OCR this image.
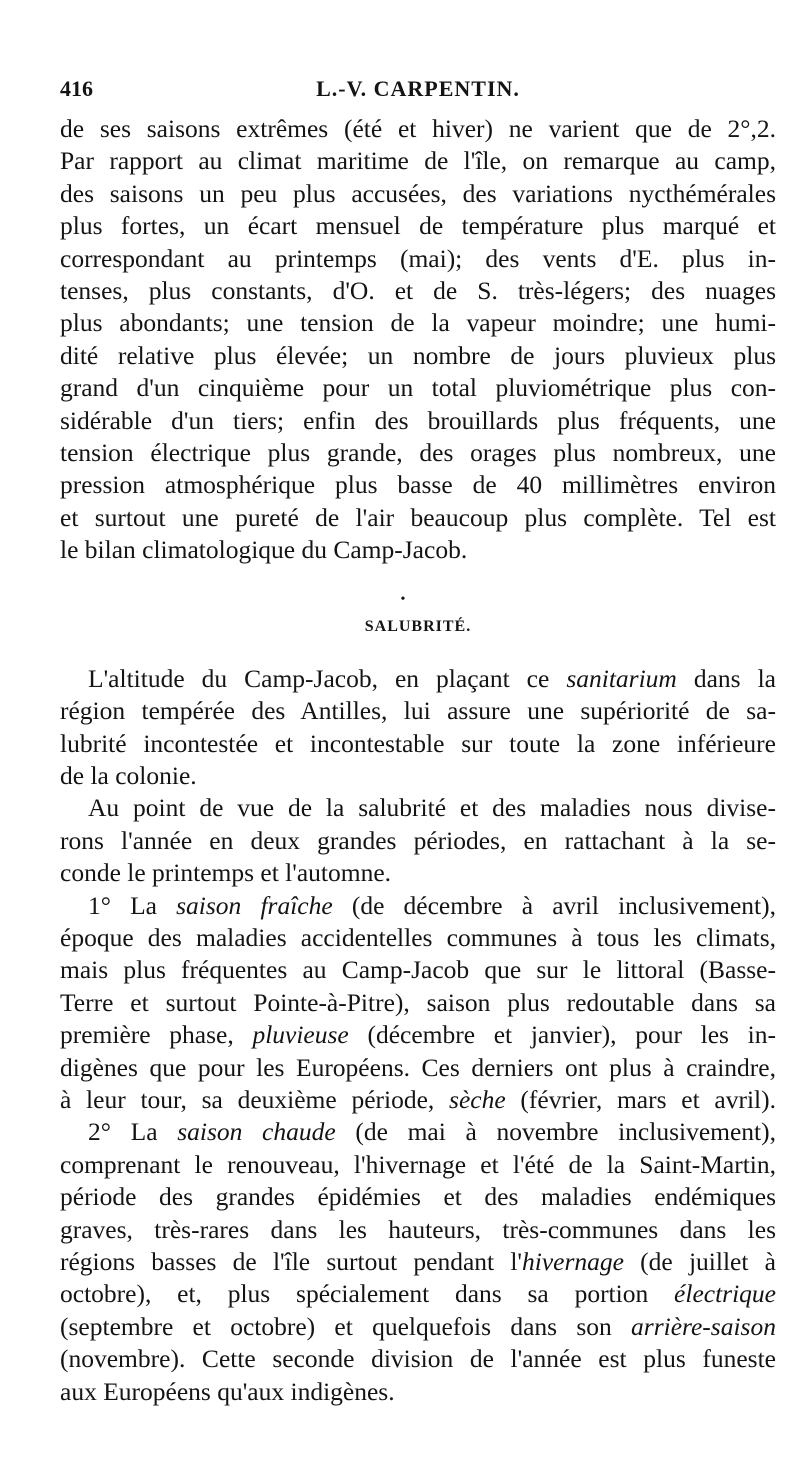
416	L.-V. CARPENTIN.
de ses saisons extrêmes (été et hiver) ne varient que de 2°,2.
Par rapport au climat maritime de l'île, on remarque au camp,
des saisons un peu plus accusées, des variations nycthémérales
plus fortes, un écart mensuel de température plus marqué et
correspondant au printemps (mai); des vents d'E. plus in-
tenses, plus constants, d'O. et de S. très-légers; des nuages
plus abondants; une tension de la vapeur moindre; une humi-
dité relative plus élevée; un nombre de jours pluvieux plus
grand d'un cinquième pour un total pluviométrique plus con-
sidérable d'un tiers; enfin des brouillards plus fréquents, une
tension électrique plus grande, des orages plus nombreux, une
pression atmosphérique plus basse de 40 millimètres environ
et surtout une pureté de l'air beaucoup plus complète. Tel est
le bilan climatologique du Camp-Jacob.
•
SALUBRITÉ.
L'altitude du Camp-Jacob, en plaçant ce sanitarium dans la
région tempérée des Antilles, lui assure une supériorité de sa-
lubrité incontestée et incontestable sur toute la zone inférieure
de la colonie.
Au point de vue de la salubrité et des maladies nous divise-
rons l'année en deux grandes périodes, en rattachant à la se-
conde le printemps et l'automne.
1° La saison fraîche (de décembre à avril inclusivement),
époque des maladies accidentelles communes à tous les climats,
mais plus fréquentes au Camp-Jacob que sur le littoral (Basse-
Terre et surtout Pointe-à-Pitre), saison plus redoutable dans sa
première phase, pluvieuse (décembre et janvier), pour les in-
digènes que pour les Européens. Ces derniers ont plus à craindre,
à leur tour, sa deuxième période, sèche (février, mars et avril).
2° La saison chaude (de mai à novembre inclusivement),
comprenant le renouveau, l'hivernage et l'été de la Saint-Martin,
période des grandes épidémies et des maladies endémiques
graves, très-rares dans les hauteurs, très-communes dans les
régions basses de l'île surtout pendant l'hivernage (de juillet à
octobre), et, plus spécialement dans sa portion électrique
(septembre et octobre) et quelquefois dans son arrière-saison
(novembre). Cette seconde division de l'année est plus funeste
aux Européens qu'aux indigènes.
